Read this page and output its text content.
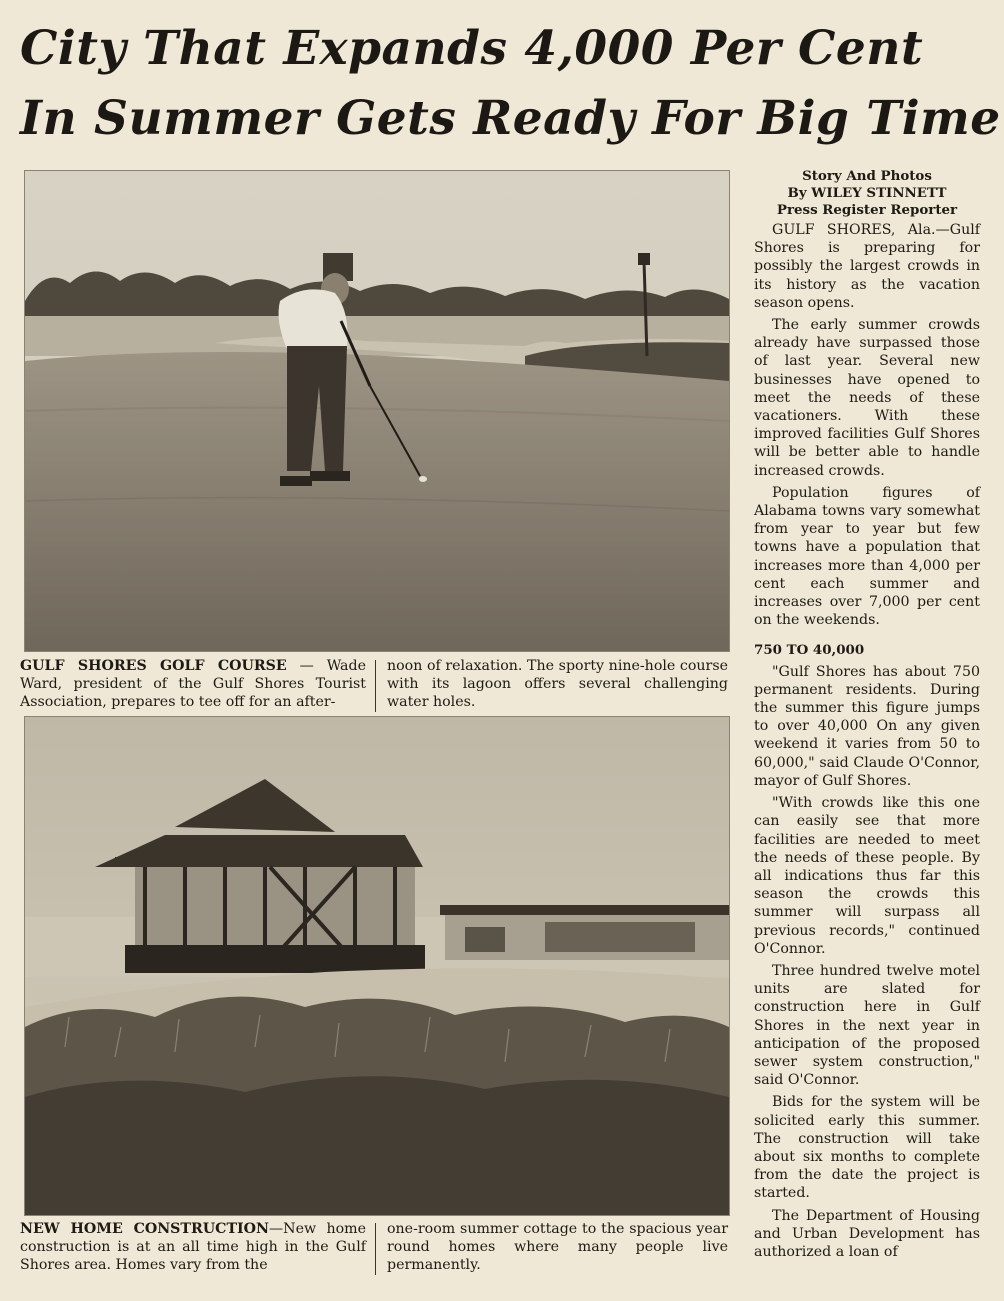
City That Expands 4,000 Per Cent
In Summer Gets Ready For Big Time
GULF SHORES GOLF COURSE — Wade Ward, president of the Gulf Shores Tourist Association, prepares to tee off for an after-
noon of relaxation. The sporty nine-hole course with its lagoon offers several challenging water holes.
NEW HOME CONSTRUCTION—New home construction is at an all time high in the Gulf Shores area. Homes vary from the
one-room summer cottage to the spacious year round homes where many people live permanently.
Story And Photos
By WILEY STINNETT
Press Register Reporter

GULF SHORES, Ala.—Gulf Shores is preparing for possibly the largest crowds in its history as the vacation season opens.

The early summer crowds already have surpassed those of last year. Several new businesses have opened to meet the needs of these vacationers. With these improved facilities Gulf Shores will be better able to handle increased crowds.

Population figures of Alabama towns vary somewhat from year to year but few towns have a population that increases more than 4,000 per cent each summer and increases over 7,000 per cent on the weekends.

750 TO 40,000

"Gulf Shores has about 750 permanent residents. During the summer this figure jumps to over 40,000 On any given weekend it varies from 50 to 60,000," said Claude O'Connor, mayor of Gulf Shores.

"With crowds like this one can easily see that more facilities are needed to meet the needs of these people. By all indications thus far this season the crowds this summer will surpass all previous records," continued O'Connor.

Three hundred twelve motel units are slated for construction here in Gulf Shores in the next year in anticipation of the proposed sewer system construction," said O'Connor.

Bids for the system will be solicited early this summer. The construction will take about six months to complete from the date the project is started.

The Department of Housing and Urban Development has authorized a loan of
